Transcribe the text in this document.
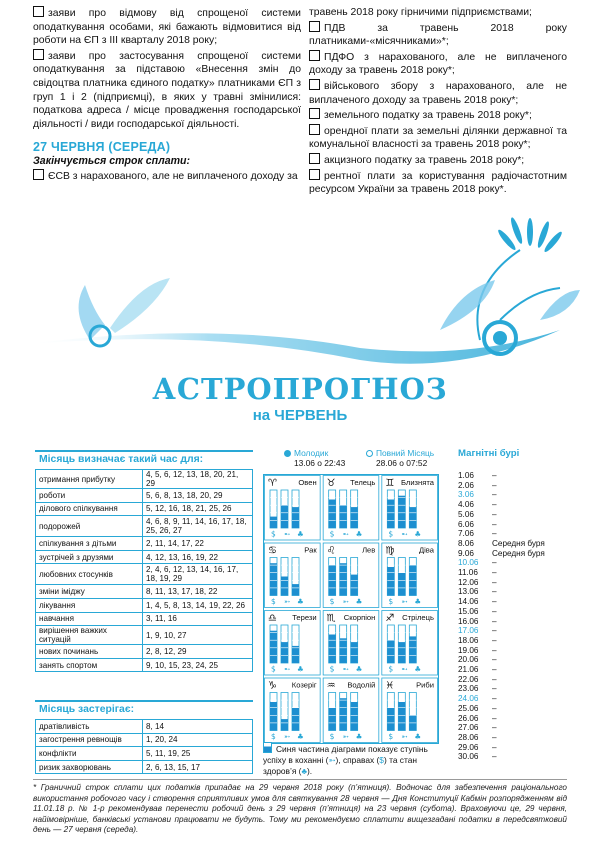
заяви про відмову від спрощеної системи оподаткування особами, які бажають відмовитися від роботи на ЄП з III кварталу 2018 року;
заяви про застосування спрощеної системи оподаткування за підставою «Внесення змін до свідоцтва платника єдиного податку» платниками ЄП з груп 1 і 2 (підприємці), в яких у травні змінилися: податкова адреса / місце провадження господарської діяльності / види господарської діяльності.
27 ЧЕРВНЯ (СЕРЕДА)
Закінчується строк сплати:
ЄСВ з нарахованого, але не виплаченого доходу за
травень 2018 року гірничими підприємствами;
ПДВ за травень 2018 року платниками-«місячниками»*;
ПДФО з нарахованого, але не виплаченого доходу за травень 2018 року*;
військового збору з нарахованого, але не виплаченого доходу за травень 2018 року*;
земельного податку за травень 2018 року*;
орендної плати за земельні ділянки державної та комунальної власності за травень 2018 року*;
акцизного податку за травень 2018 року*;
рентної плати за користування радіочастотним ресурсом України за травень 2018 року*.
АСТРОПРОГНОЗ
на ЧЕРВЕНЬ
Місяць визначає такий час для:
отримання прибутку	4, 5, 6, 12, 13, 18, 20, 21, 29
роботи	5, 6, 8, 13, 18, 20, 29
ділового спілкування	5, 12, 16, 18, 21, 25, 26
подорожей	4, 6, 8, 9, 11, 14, 16, 17, 18, 25, 26, 27
спілкування з дітьми	2, 11, 14, 17, 22
зустрічей з друзями	4, 12, 13, 16, 19, 22
любовних стосунків	2, 4, 6, 12, 13, 14, 16, 17, 18, 19, 29
зміни іміджу	8, 11, 13, 17, 18, 22
лікування	1, 4, 5, 8, 13, 14, 19, 22, 26
навчання	3, 11, 16
вирішення важких ситуацій	1, 9, 10, 27
нових починань	2, 8, 12, 29
занять спортом	9, 10, 15, 23, 24, 25
Місяць застерігає:
дратівливість	8, 14
загострення ревнощів	1, 20, 24
конфлікти	5, 11, 19, 25
ризик захворювань	2, 6, 13, 15, 17
Молодик
13.06 о 22:43
Повний Місяць
28.06 о 07:52
♈	Овен
$ ➵ ♣
♉ Телець
$ ➵ ♣
♊ Близнята
$ ➵ ♣
♋	Рак
$ ➵ ♣
♌	Лев
$ ➵ ♣
♍	Діва
$ ➵ ♣
♎ Терези
$ ➵ ♣
♏ Скорпіон
$ ➵ ♣
♐ Стрілець
$ ➵ ♣
♑ Козеріг
$ ➵ ♣
♒ Водолій
$ ➵ ♣
♓	Риби
$ ➵ ♣
Синя частина діаграми показує ступінь успіху в коханні (➵), справах ($) та стан здоров’я (♣).
Магнітні бурі
1.06	–
2.06	–
3.06	–
4.06	–
5.06	–
6.06	–
7.06	–
8.06	Середня буря
9.06	Середня буря
10.06	–
11.06	–
12.06	–
13.06	–
14.06	–
15.06	–
16.06	–
17.06	–
18.06	–
19.06	–
20.06	–
21.06	–
22.06	–
23.06	–
24.06	–
25.06	–
26.06	–
27.06	–
28.06	–
29.06	–
30.06	–
* Граничний строк сплати цих податків припадає на 29 червня 2018 року (п’ятниця). Водночас для забезпечення раціонального використання робочого часу і створення сприятливих умов для святкування 28 червня — Дня Конституції Кабмін розпорядженням від 11.01.18 р. № 1-р рекомендував перенести робочий день з 29 червня (п’ятниця) на 23 червня (субота). Враховуючи це, 29 червня, найімовірніше, банківські установи працювати не будуть. Тому ми рекомендуємо сплатити вищезгадані податки в передсвятковий день — 27 червня (середа).
